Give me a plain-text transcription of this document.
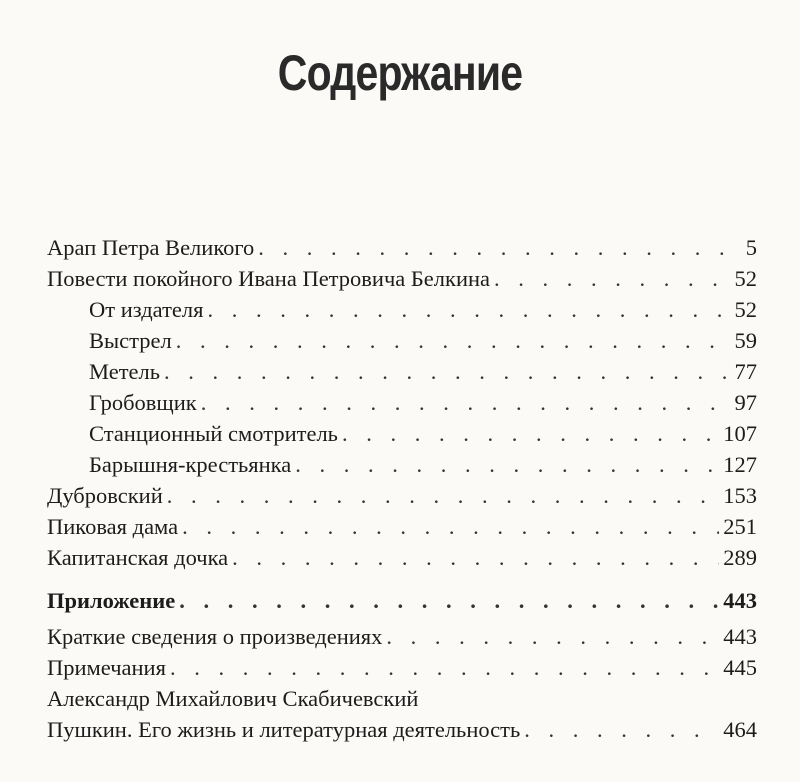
Содержание
Арап Петра Великого . . .	5
Повести покойного Ивана Петровича Белкина . . .	52
От издателя . . .	52
Выстрел . . .	59
Метель . . .	77
Гробовщик . . .	97
Станционный смотритель . . .	107
Барышня-крестьянка . . .	127
Дубровский . . .	153
Пиковая дама . . .	251
Капитанская дочка . . .	289
Приложение . . .	443
Краткие сведения о произведениях . . .	443
Примечания . . .	445
Александр Михайлович Скабичевский
Пушкин. Его жизнь и литературная деятельность . . .	464
